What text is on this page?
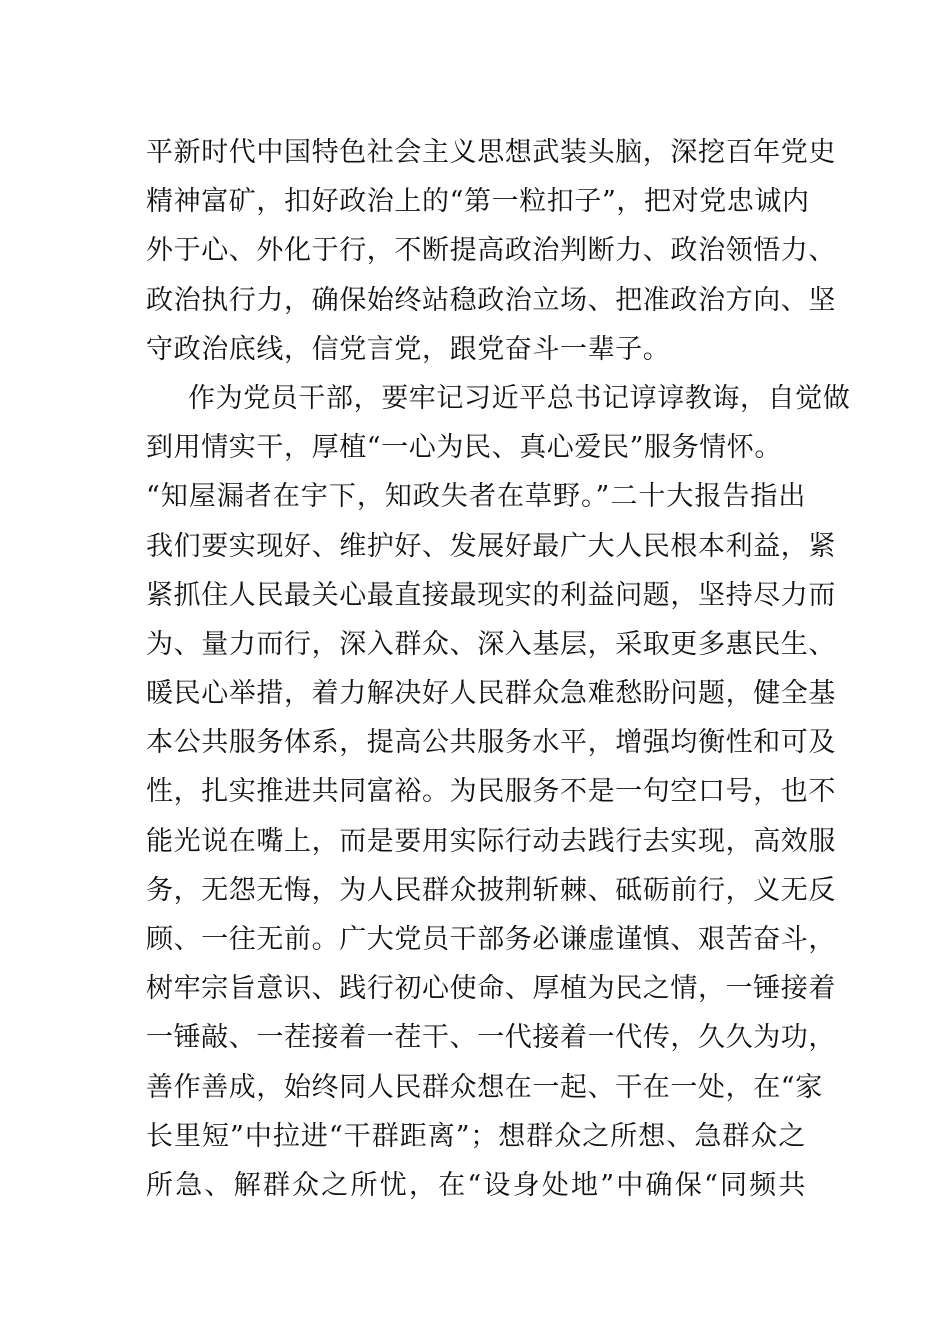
平新时代中国特色社会主义思想武装头脑，深挖百年党史
精神富矿，扣好政治上的“第一粒扣子”，把对党忠诚内
外于心、外化于行，不断提高政治判断力、政治领悟力、
政治执行力，确保始终站稳政治立场、把准政治方向、坚
守政治底线，信党言党，跟党奋斗一辈子。
作为党员干部，要牢记习近平总书记谆谆教诲，自觉做
到用情实干，厚植“一心为民、真心爱民”服务情怀。
“知屋漏者在宇下，知政失者在草野。”二十大报告指出
我们要实现好、维护好、发展好最广大人民根本利益，紧
紧抓住人民最关心最直接最现实的利益问题，坚持尽力而
为、量力而行，深入群众、深入基层，采取更多惠民生、
暖民心举措，着力解决好人民群众急难愁盼问题，健全基
本公共服务体系，提高公共服务水平，增强均衡性和可及
性，扎实推进共同富裕。为民服务不是一句空口号，也不
能光说在嘴上，而是要用实际行动去践行去实现，高效服
务，无怨无悔，为人民群众披荆斩棘、砥砺前行，义无反
顾、一往无前。广大党员干部务必谦虚谨慎、艰苦奋斗，
树牢宗旨意识、践行初心使命、厚植为民之情，一锤接着
一锤敲、一茬接着一茬干、一代接着一代传，久久为功，
善作善成，始终同人民群众想在一起、干在一处，在“家
长里短”中拉进“干群距离”；想群众之所想、急群众之
所急、解群众之所忧，在“设身处地”中确保“同频共
